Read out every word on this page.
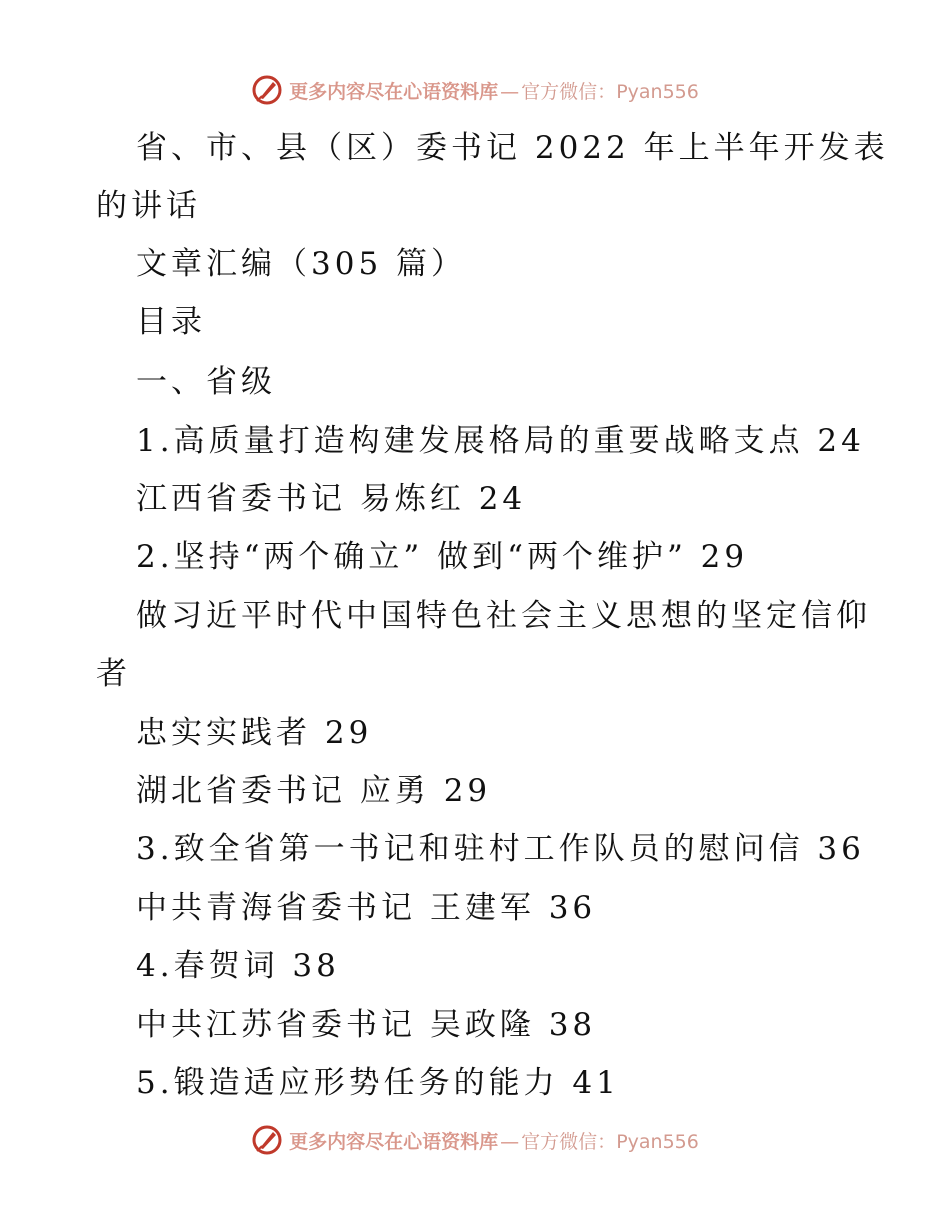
更多内容尽在心语资料库 — 官方微信：Pyan556
省、市、县（区）委书记 2022 年上半年开发表
的讲话
文章汇编（305 篇）
目录
一、省级
1.高质量打造构建发展格局的重要战略支点 24
江西省委书记 易炼红 24
2.坚持“两个确立” 做到“两个维护” 29
做习近平时代中国特色社会主义思想的坚定信仰
者
忠实实践者 29
湖北省委书记 应勇 29
3.致全省第一书记和驻村工作队员的慰问信 36
中共青海省委书记 王建军 36
4.春贺词 38
中共江苏省委书记 吴政隆 38
5.锻造适应形势任务的能力 41
更多内容尽在心语资料库 — 官方微信：Pyan556
